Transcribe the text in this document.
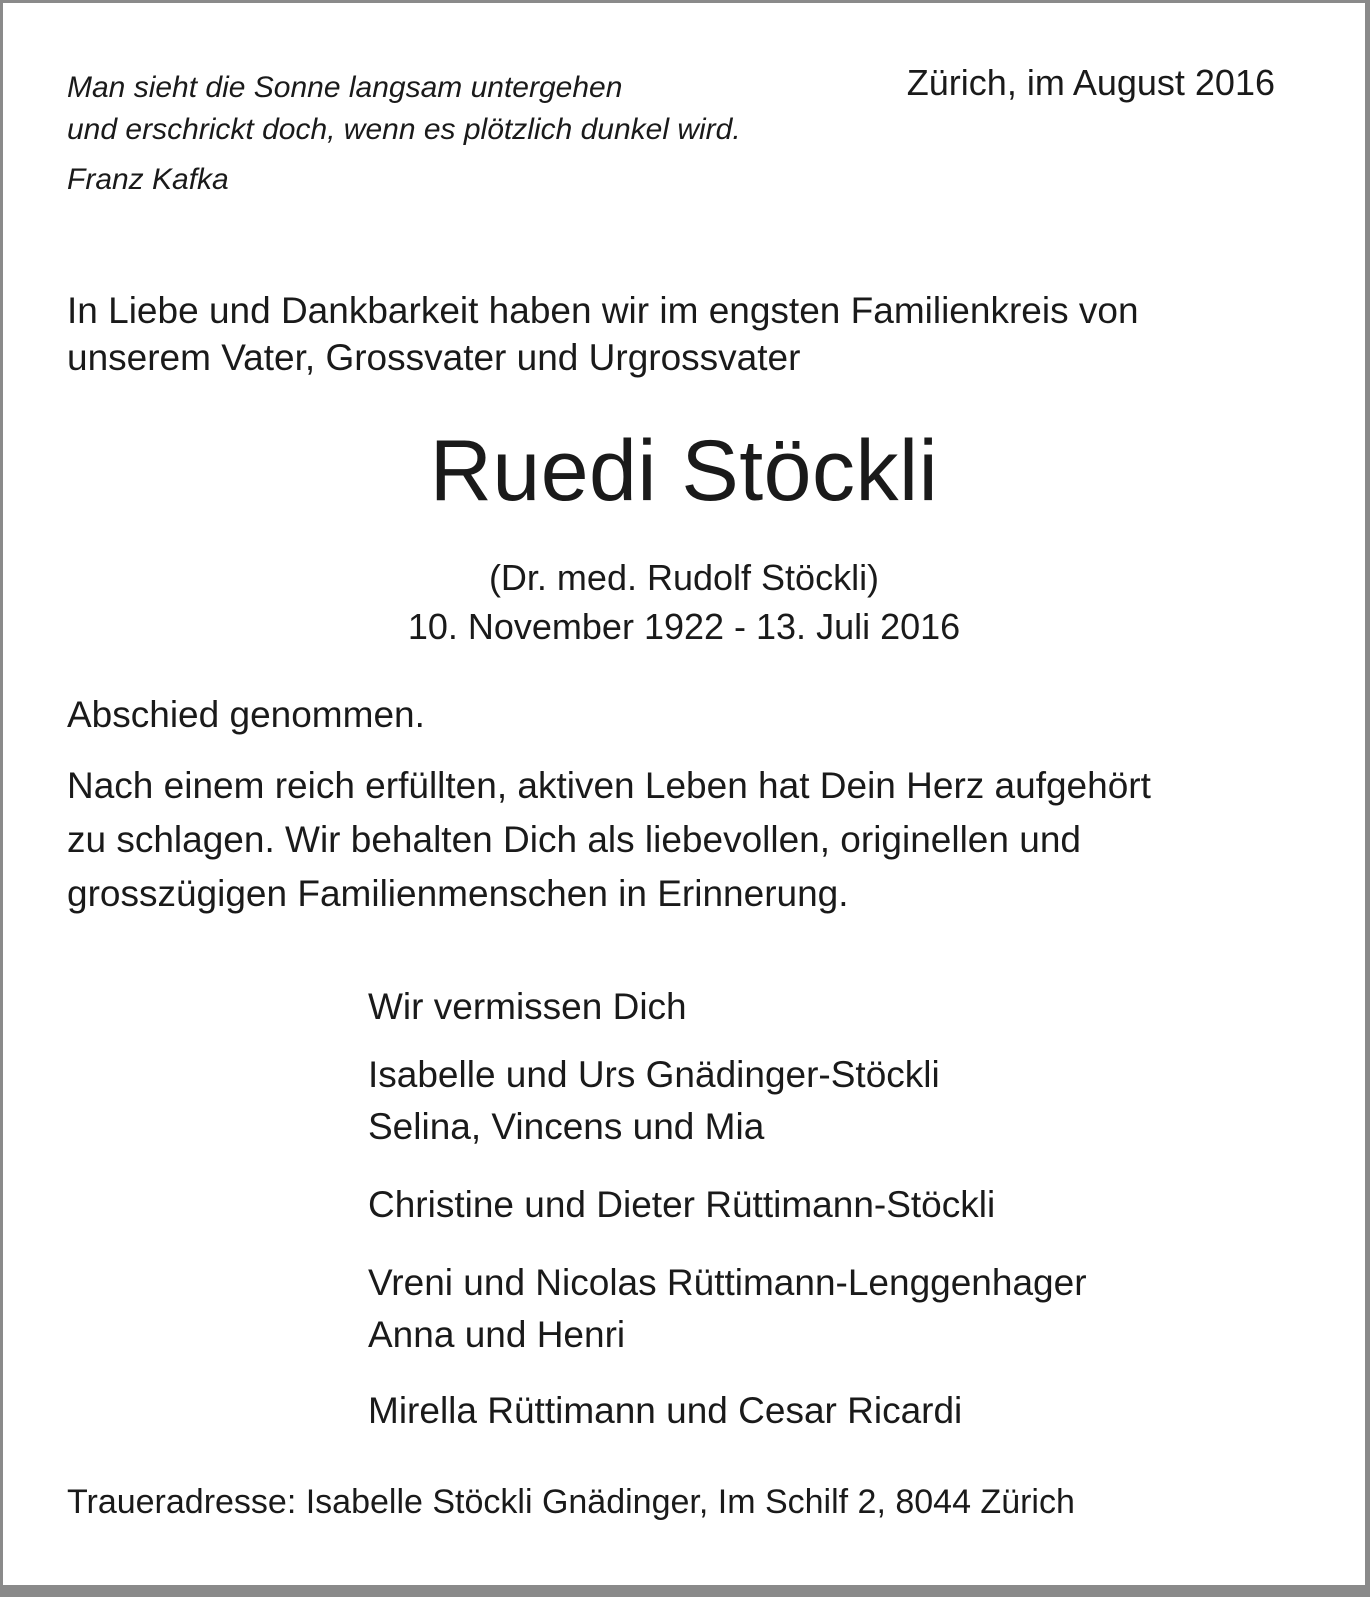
Man sieht die Sonne langsam untergehen
und erschrickt doch, wenn es plötzlich dunkel wird.
Franz Kafka
Zürich, im August 2016
In Liebe und Dankbarkeit haben wir im engsten Familienkreis von
unserem Vater, Grossvater und Urgrossvater
Ruedi Stöckli
(Dr. med. Rudolf Stöckli)
10. November 1922 - 13. Juli 2016
Abschied genommen.
Nach einem reich erfüllten, aktiven Leben hat Dein Herz aufgehört
zu schlagen. Wir behalten Dich als liebevollen, originellen und
grosszügigen Familienmenschen in Erinnerung.
Wir vermissen Dich
Isabelle und Urs Gnädinger-Stöckli
Selina, Vincens und Mia
Christine und Dieter Rüttimann-Stöckli
Vreni und Nicolas Rüttimann-Lenggenhager
Anna und Henri
Mirella Rüttimann und Cesar Ricardi
Traueradresse: Isabelle Stöckli Gnädinger, Im Schilf 2, 8044 Zürich
